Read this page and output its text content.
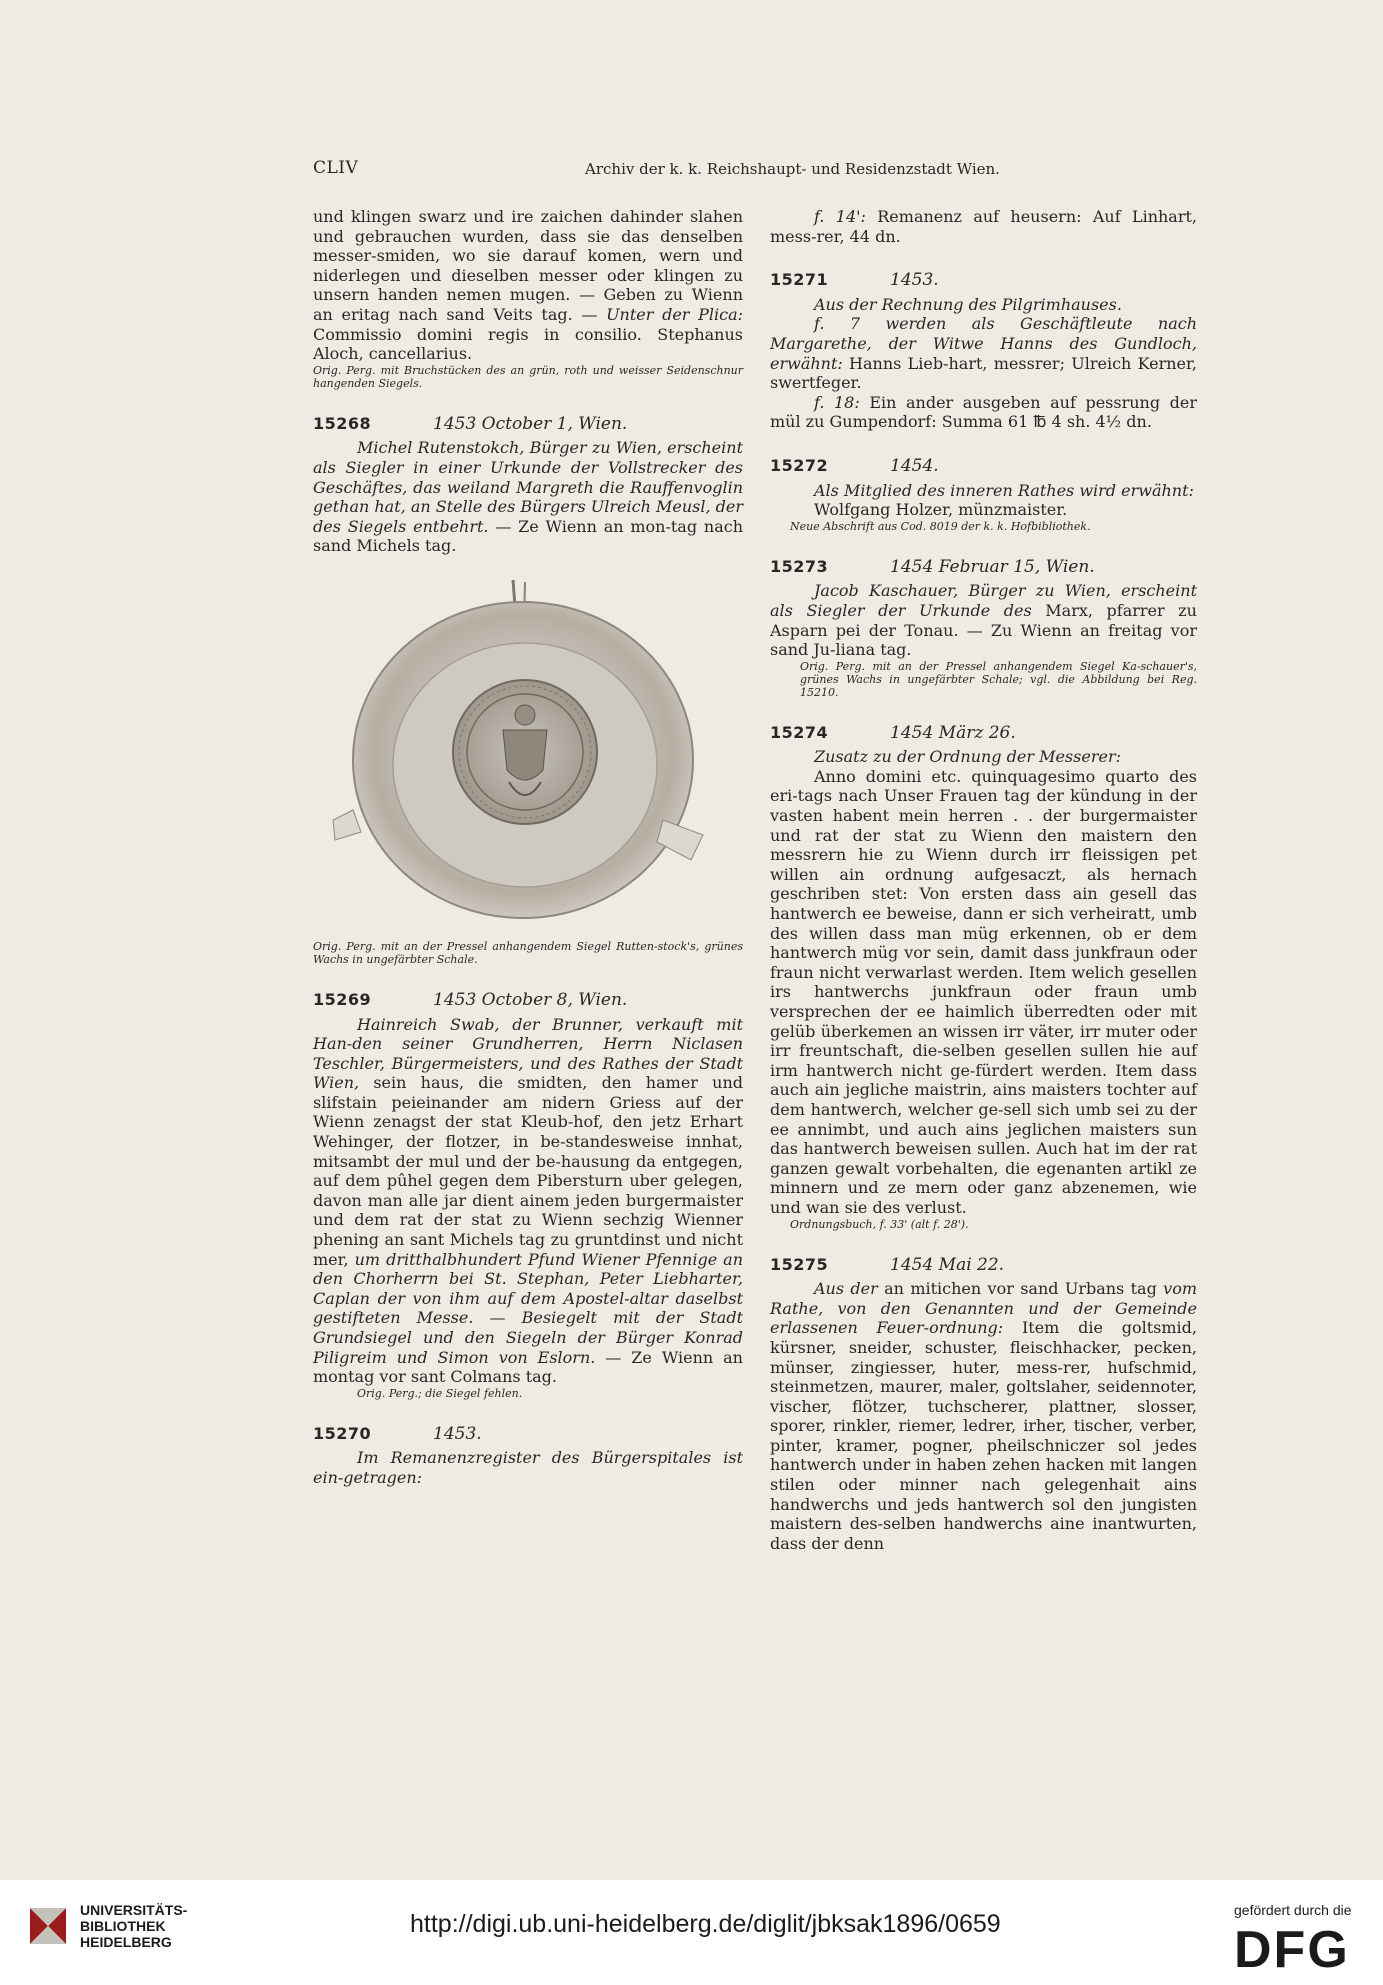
CLIV	Archiv der k. k. Reichshaupt- und Residenzstadt Wien.

und klingen swarz und ire zaichen dahinder slahen und gebrauchen wurden, dass sie das denselben messer-smiden, wo sie darauf komen, wern und niderlegen und dieselben messer oder klingen zu unsern handen nemen mugen. — Geben zu Wienn an eritag nach sand Veits tag. — Unter der Plica: Commissio domini regis in consilio. Stephanus Aloch, cancellarius.

Orig. Perg. mit Bruchstücken des an grün, roth und weisser Seidenschnur hangenden Siegels.

15268	1453 October 1, Wien.

Michel Rutenstokch, Bürger zu Wien, erscheint als Siegler in einer Urkunde der Vollstrecker des Geschäftes, das weiland Margreth die Rauffenvoglin gethan hat, an Stelle des Bürgers Ulreich Meusl, der des Siegels entbehrt. — Ze Wienn an mon-tag nach sand Michels tag.

Orig. Perg. mit an der Pressel anhangendem Siegel Rutten-stock's, grünes Wachs in ungefärbter Schale.

15269	1453 October 8, Wien.

Hainreich Swab, der Brunner, verkauft mit Han-den seiner Grundherren, Herrn Niclasen Teschler, Bürgermeisters, und des Rathes der Stadt Wien, sein haus, die smidten, den hamer und slifstain peieinander am nidern Griess auf der Wienn zenagst der stat Kleub-hof, den jetz Erhart Wehinger, der flotzer, in be-standesweise innhat, mitsambt der mul und der be-hausung da entgegen, auf dem pûhel gegen dem Pibersturn uber gelegen, davon man alle jar dient ainem jeden burgermaister und dem rat der stat zu Wienn sechzig Wienner phening an sant Michels tag zu gruntdinst und nicht mer, um dritthalbhundert Pfund Wiener Pfennige an den Chorherrn bei St. Stephan, Peter Liebharter, Caplan der von ihm auf dem Apostel-altar daselbst gestifteten Messe. — Besiegelt mit der Stadt Grundsiegel und den Siegeln der Bürger Konrad Piligreim und Simon von Eslorn. — Ze Wienn an montag vor sant Colmans tag.

Orig. Perg.; die Siegel fehlen.

15270	1453.

Im Remanenzregister des Bürgerspitales ist ein-getragen:

f. 14': Remanenz auf heusern: Auf Linhart, mess-rer, 44 dn.

15271	1453.

Aus der Rechnung des Pilgrimhauses.

f. 7 werden als Geschäftleute nach Margarethe, der Witwe Hanns des Gundloch, erwähnt: Hanns Lieb-hart, messrer; Ulreich Kerner, swertfeger.

f. 18: Ein ander ausgeben auf pessrung der mül zu Gumpendorf: Summa 61 ℔ 4 sh. 4½ dn.

15272	1454.

Als Mitglied des inneren Rathes wird erwähnt:

Wolfgang Holzer, münzmaister.

Neue Abschrift aus Cod. 8019 der k. k. Hofbibliothek.

15273	1454 Februar 15, Wien.

Jacob Kaschauer, Bürger zu Wien, erscheint als Siegler der Urkunde des Marx, pfarrer zu Asparn pei der Tonau. — Zu Wienn an freitag vor sand Ju-liana tag.

Orig. Perg. mit an der Pressel anhangendem Siegel Ka-schauer's, grünes Wachs in ungefärbter Schale; vgl. die Abbildung bei Reg. 15210.

15274	1454 März 26.

Zusatz zu der Ordnung der Messerer:

Anno domini etc. quinquagesimo quarto des eri-tags nach Unser Frauen tag der kündung in der vasten habent mein herren . . der burgermaister und rat der stat zu Wienn den maistern den messrern hie zu Wienn durch irr fleissigen pet willen ain ordnung aufgesaczt, als hernach geschriben stet: Von ersten dass ain gesell das hantwerch ee beweise, dann er sich verheiratt, umb des willen dass man müg erkennen, ob er dem hantwerch müg vor sein, damit dass junkfraun oder fraun nicht verwarlast werden. Item welich gesellen irs hantwerchs junkfraun oder fraun umb versprechen der ee haimlich überredten oder mit gelüb überkemen an wissen irr väter, irr muter oder irr freuntschaft, die-selben gesellen sullen hie auf irm hantwerch nicht ge-fürdert werden. Item dass auch ain jegliche maistrin, ains maisters tochter auf dem hantwerch, welcher ge-sell sich umb sei zu der ee annimbt, und auch ains jeglichen maisters sun das hantwerch beweisen sullen. Auch hat im der rat ganzen gewalt vorbehalten, die egenanten artikl ze minnern und ze mern oder ganz abzenemen, wie und wan sie des verlust.

Ordnungsbuch, f. 33' (alt f. 28').

15275	1454 Mai 22.

Aus der an mitichen vor sand Urbans tag vom Rathe, von den Genannten und der Gemeinde erlassenen Feuer-ordnung: Item die goltsmid, kürsner, sneider, schuster, fleischhacker, pecken, münser, zingiesser, huter, mess-rer, hufschmid, steinmetzen, maurer, maler, goltslaher, seidennoter, vischer, flötzer, tuchscherer, plattner, slosser, sporer, rinkler, riemer, ledrer, irher, tischer, verber, pinter, kramer, pogner, pheilschniczer sol jedes hantwerch under in haben zehen hacken mit langen stilen oder minner nach gelegenhait ains handwerchs und jeds hantwerch sol den jungisten maistern des-selben handwerchs aine inantwurten, dass der denn

UNIVERSITÄTS-
BIBLIOTHEK
HEIDELBERG
http://digi.ub.uni-heidelberg.de/diglit/jbksak1896/0659	gefördert durch die
DFG
